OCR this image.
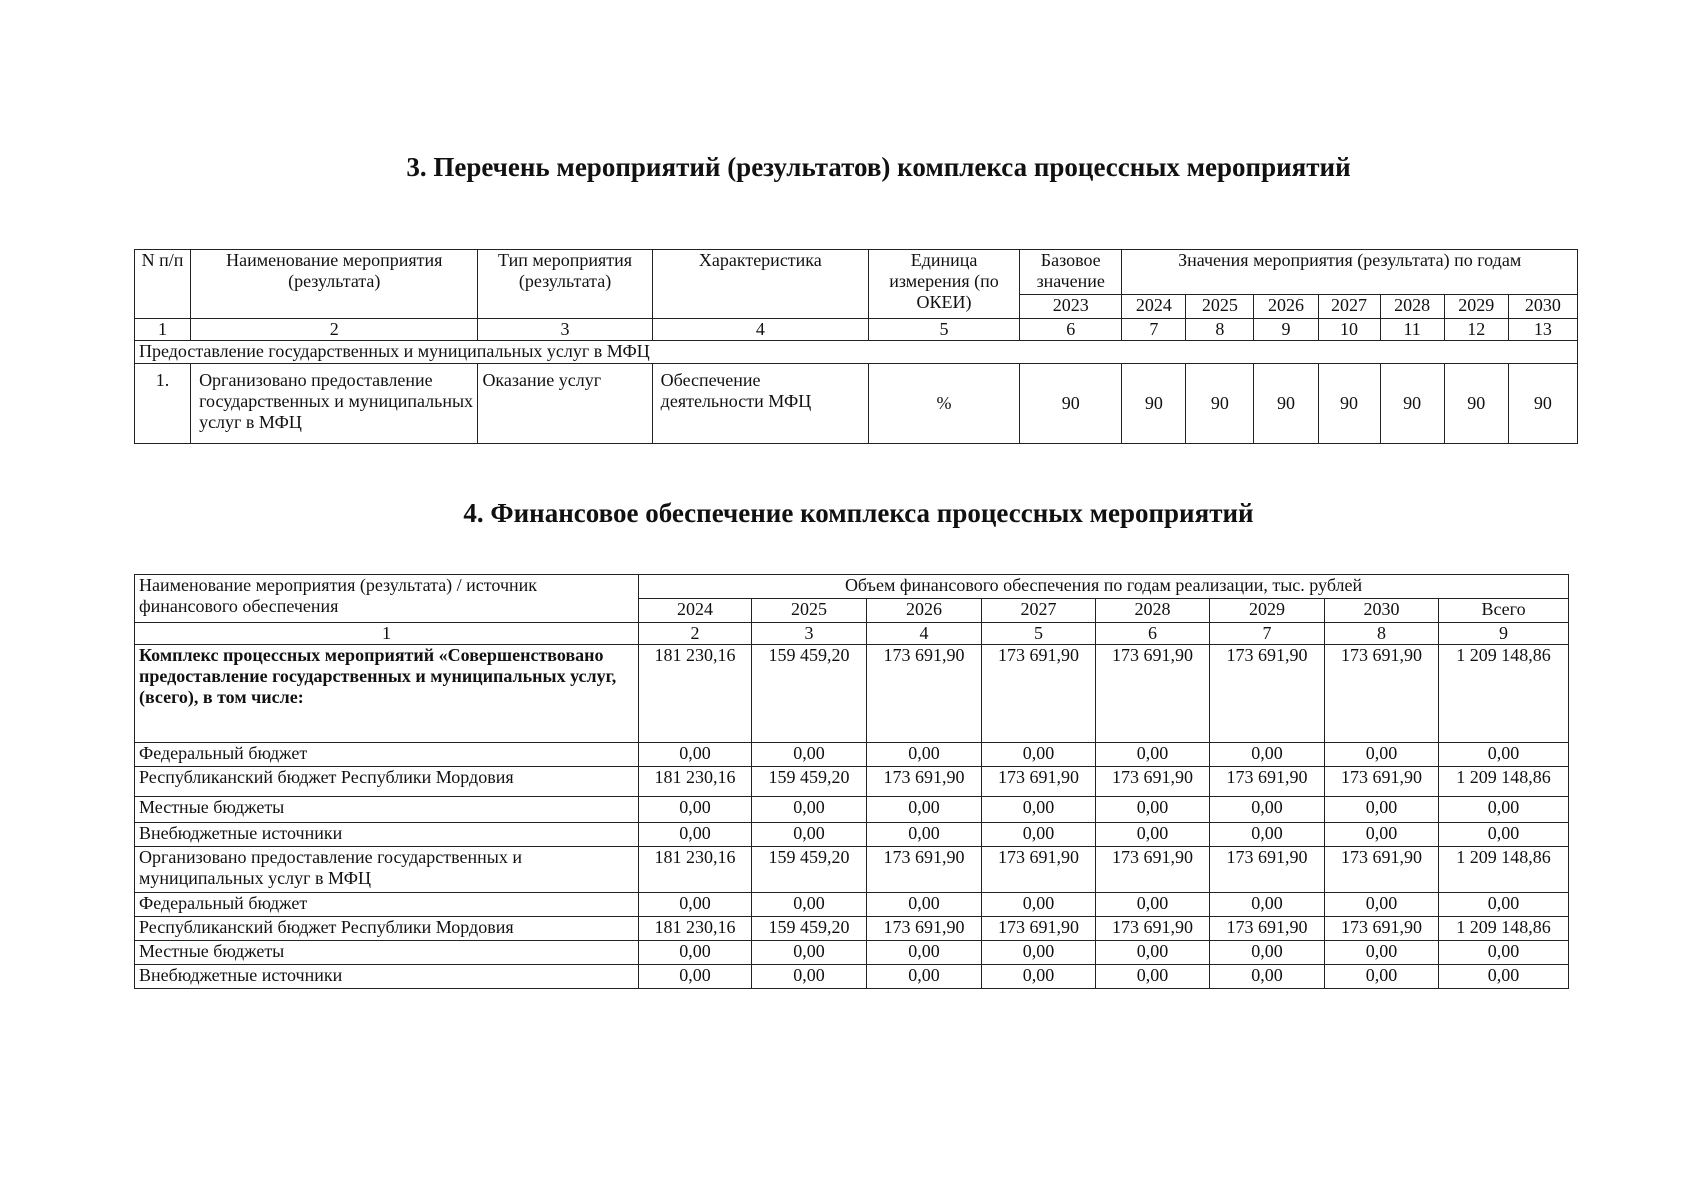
3. Перечень мероприятий (результатов) комплекса процессных мероприятий
N п/п	Наименование мероприятия (результата)	Тип мероприятия (результата)	Характеристика	Единица измерения (по ОКЕИ)	Базовое значение	Значения мероприятия (результата) по годам						
					2023	2024	2025	2026	2027	2028	2029	2030
1	2	3	4	5	6	7	8	9	10	11	12	13
Предоставление государственных и муниципальных услуг в МФЦ												
1.	Организовано предоставление государственных и муниципальных услуг в МФЦ	Оказание услуг	Обеспечение деятельности МФЦ	%	90	90	90	90	90	90	90	90
4. Финансовое обеспечение комплекса процессных мероприятий
Наименование мероприятия (результата) / источник финансового обеспечения	Объем финансового обеспечения по годам реализации, тыс. рублей							
	2024	2025	2026	2027	2028	2029	2030	Всего
1	2	3	4	5	6	7	8	9
Комплекс процессных мероприятий «Совершенствовано предоставление государственных и муниципальных услуг, (всего), в том числе:	181 230,16	159 459,20	173 691,90	173 691,90	173 691,90	173 691,90	173 691,90	1 209 148,86
Федеральный бюджет	0,00	0,00	0,00	0,00	0,00	0,00	0,00	0,00
Республиканский бюджет Республики Мордовия	181 230,16	159 459,20	173 691,90	173 691,90	173 691,90	173 691,90	173 691,90	1 209 148,86
Местные бюджеты	0,00	0,00	0,00	0,00	0,00	0,00	0,00	0,00
Внебюджетные источники	0,00	0,00	0,00	0,00	0,00	0,00	0,00	0,00
Организовано предоставление государственных и муниципальных услуг в МФЦ	181 230,16	159 459,20	173 691,90	173 691,90	173 691,90	173 691,90	173 691,90	1 209 148,86
Федеральный бюджет	0,00	0,00	0,00	0,00	0,00	0,00	0,00	0,00
Республиканский бюджет Республики Мордовия	181 230,16	159 459,20	173 691,90	173 691,90	173 691,90	173 691,90	173 691,90	1 209 148,86
Местные бюджеты	0,00	0,00	0,00	0,00	0,00	0,00	0,00	0,00
Внебюджетные источники	0,00	0,00	0,00	0,00	0,00	0,00	0,00	0,00
